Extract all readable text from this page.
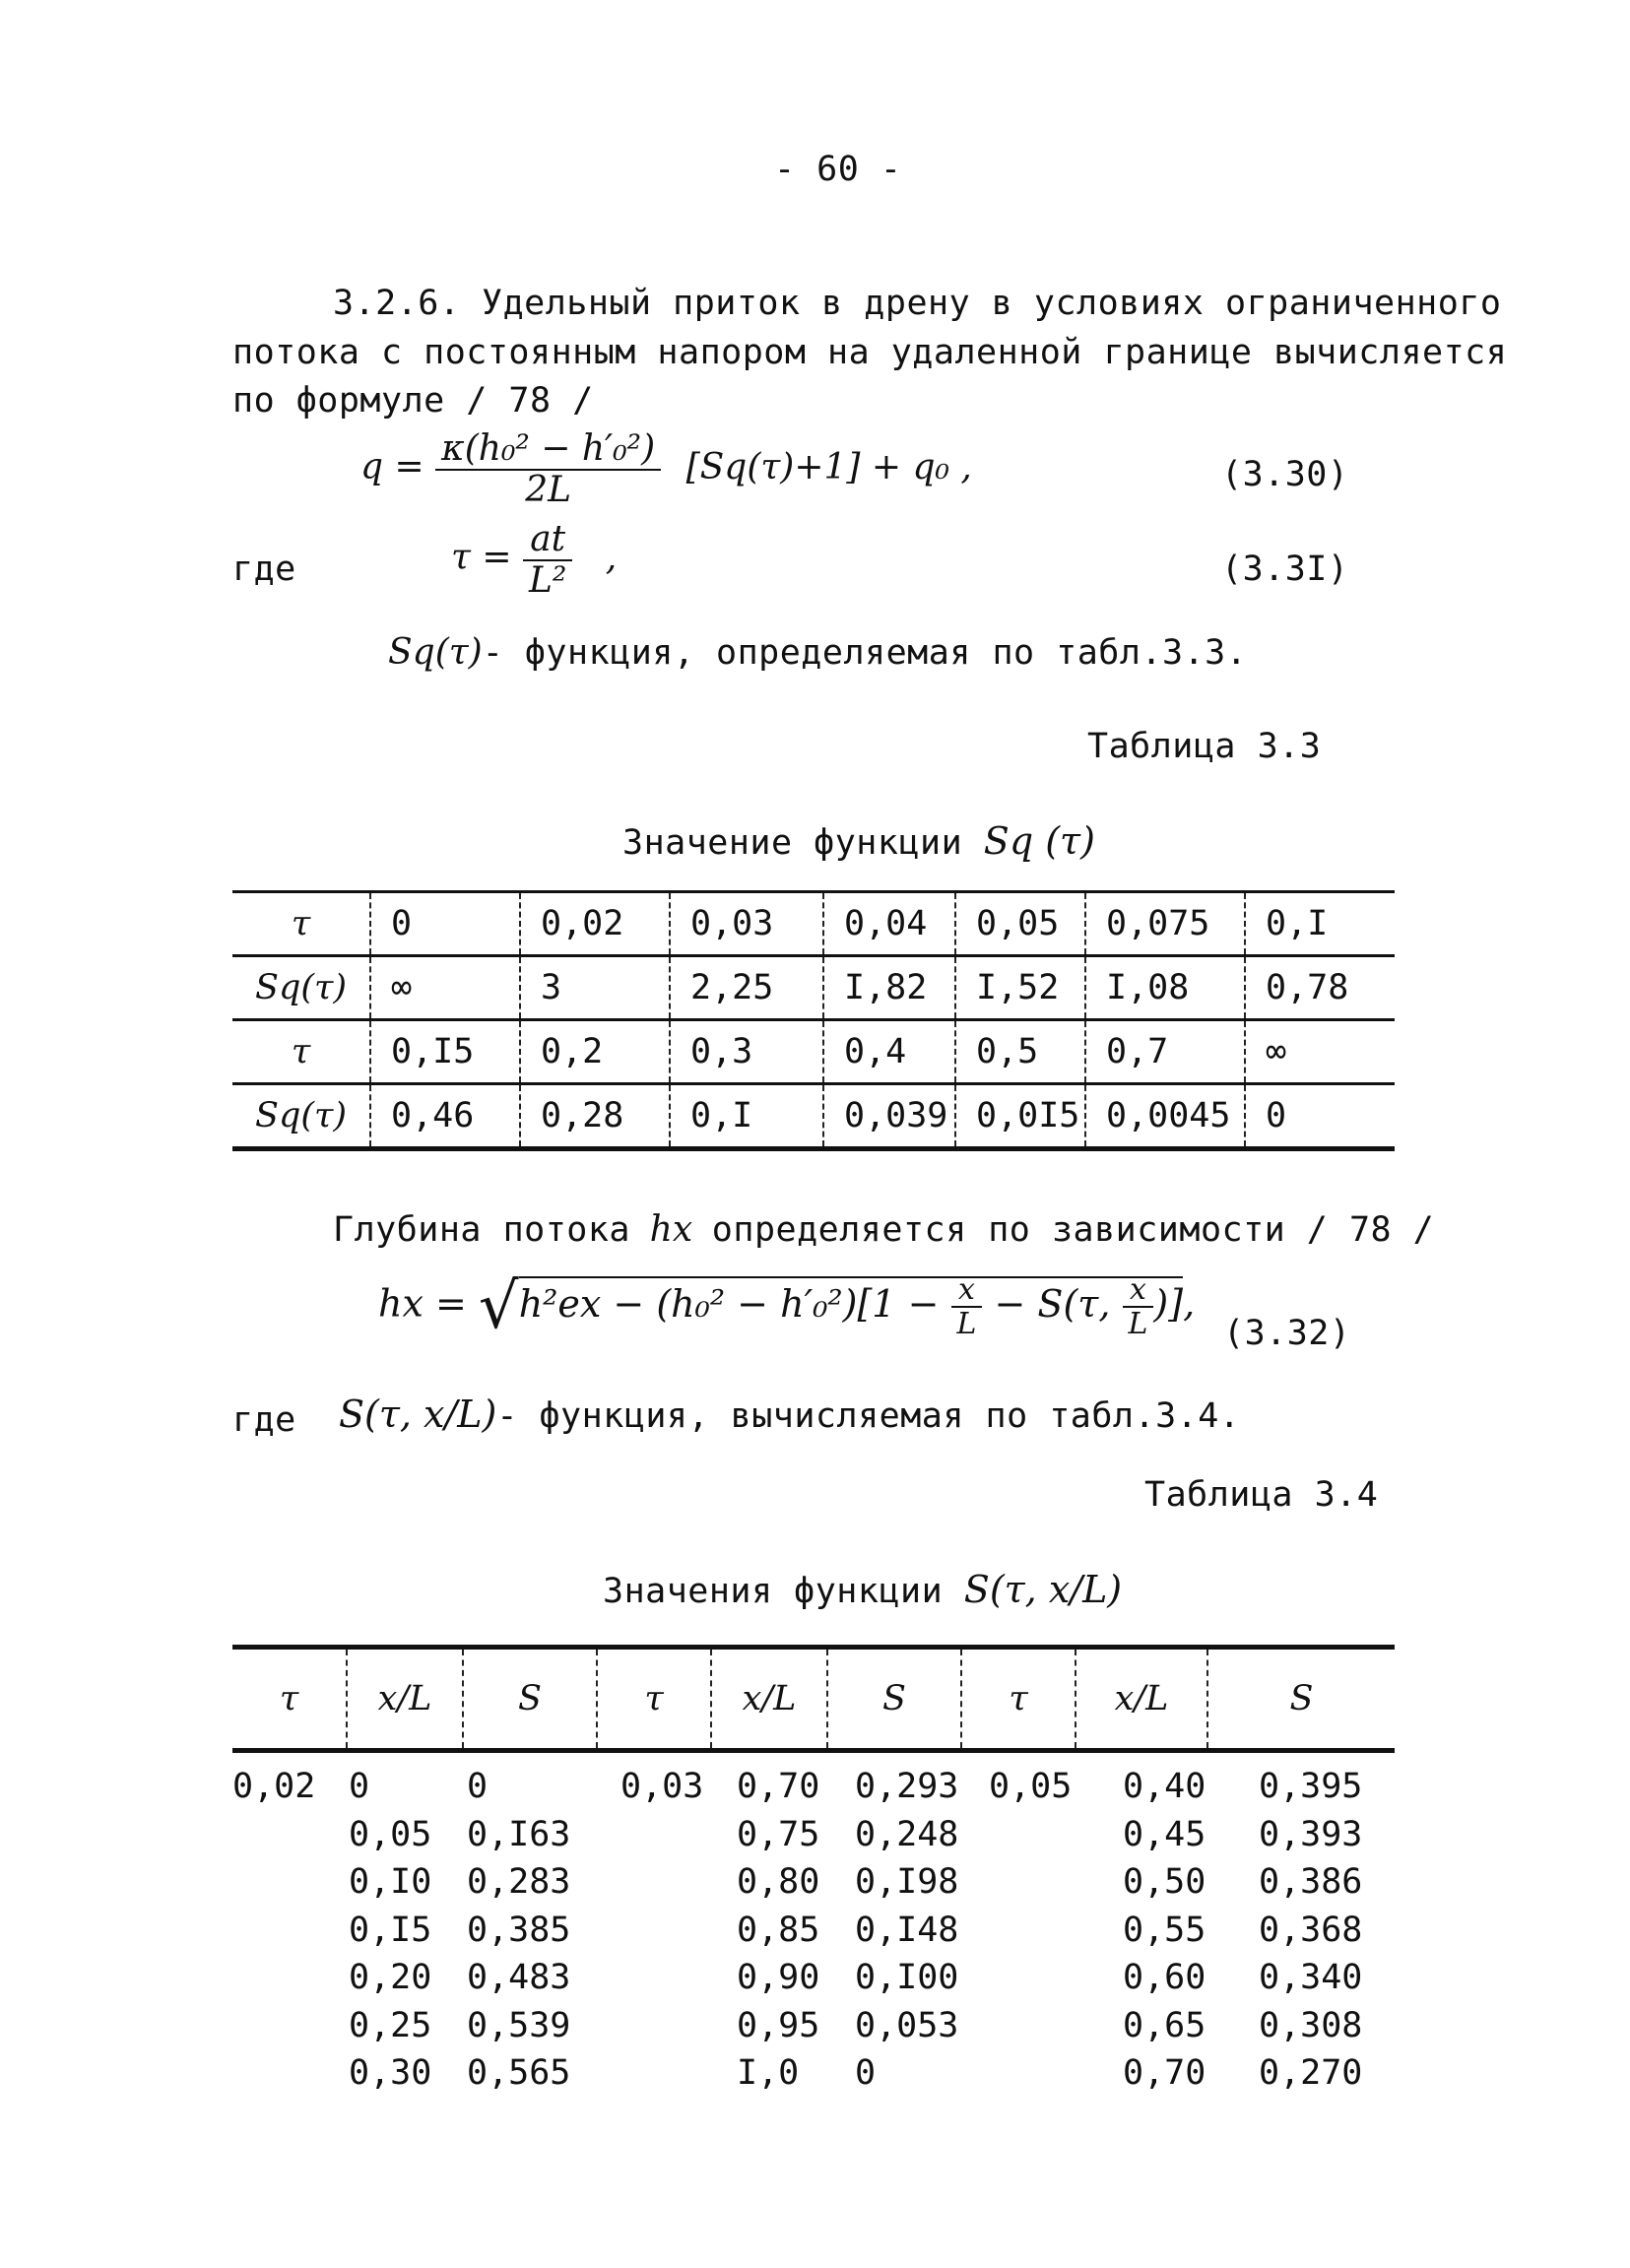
- 60 -
3.2.6. Удельный приток в дрену в условиях ограниченного
потока с постоянным напором на удаленной границе вычисляется
по формуле / 78 /
$q = \frac{\text{κ(h₀² − h′₀²)}}{2L} [Sq(\tau)+1] + q_0$ ,	(3.30)
где	$\tau = \frac{at}{\text{L²}}$ ,	(3.3I)
Sq(τ)- функция, определяемая по табл.3.3.
Таблица 3.3
Значение функции Sq (τ)
τ	0	0,02	0,03	0,04	0,05	0,075	0,I
Sq(τ)	∞	3	2,25	I,82	I,52	I,08	0,78
τ	0,I5	0,2	0,3	0,4	0,5	0,7	∞
Sq(τ)	0,46	0,28	0,I	0,039	0,0I5	0,0045	0
Глубина потока hx определяется по зависимости / 78 /
hx = $√h^2ex - (h_0^2 - h'_0^2)[1 - \frac{x}{L} - S(\tau$, $\frac{x}{L}$ )],
(3.32)
где S(τ, x/L)- функция, вычисляемая по табл.3.4.
Таблица 3.4
Значения функции S(τ, x/L)
τ	x/L	S	τ	x/L	S	τ	x/L	S
0,02	0	0	0,03	0,70	0,293	0,05	0,40	0,395
	0,05	0,I63		0,75	0,248		0,45	0,393
	0,I0	0,283		0,80	0,I98		0,50	0,386
	0,I5	0,385		0,85	0,I48		0,55	0,368
	0,20	0,483		0,90	0,I00		0,60	0,340
	0,25	0,539		0,95	0,053		0,65	0,308
	0,30	0,565		I,0	0		0,70	0,270
